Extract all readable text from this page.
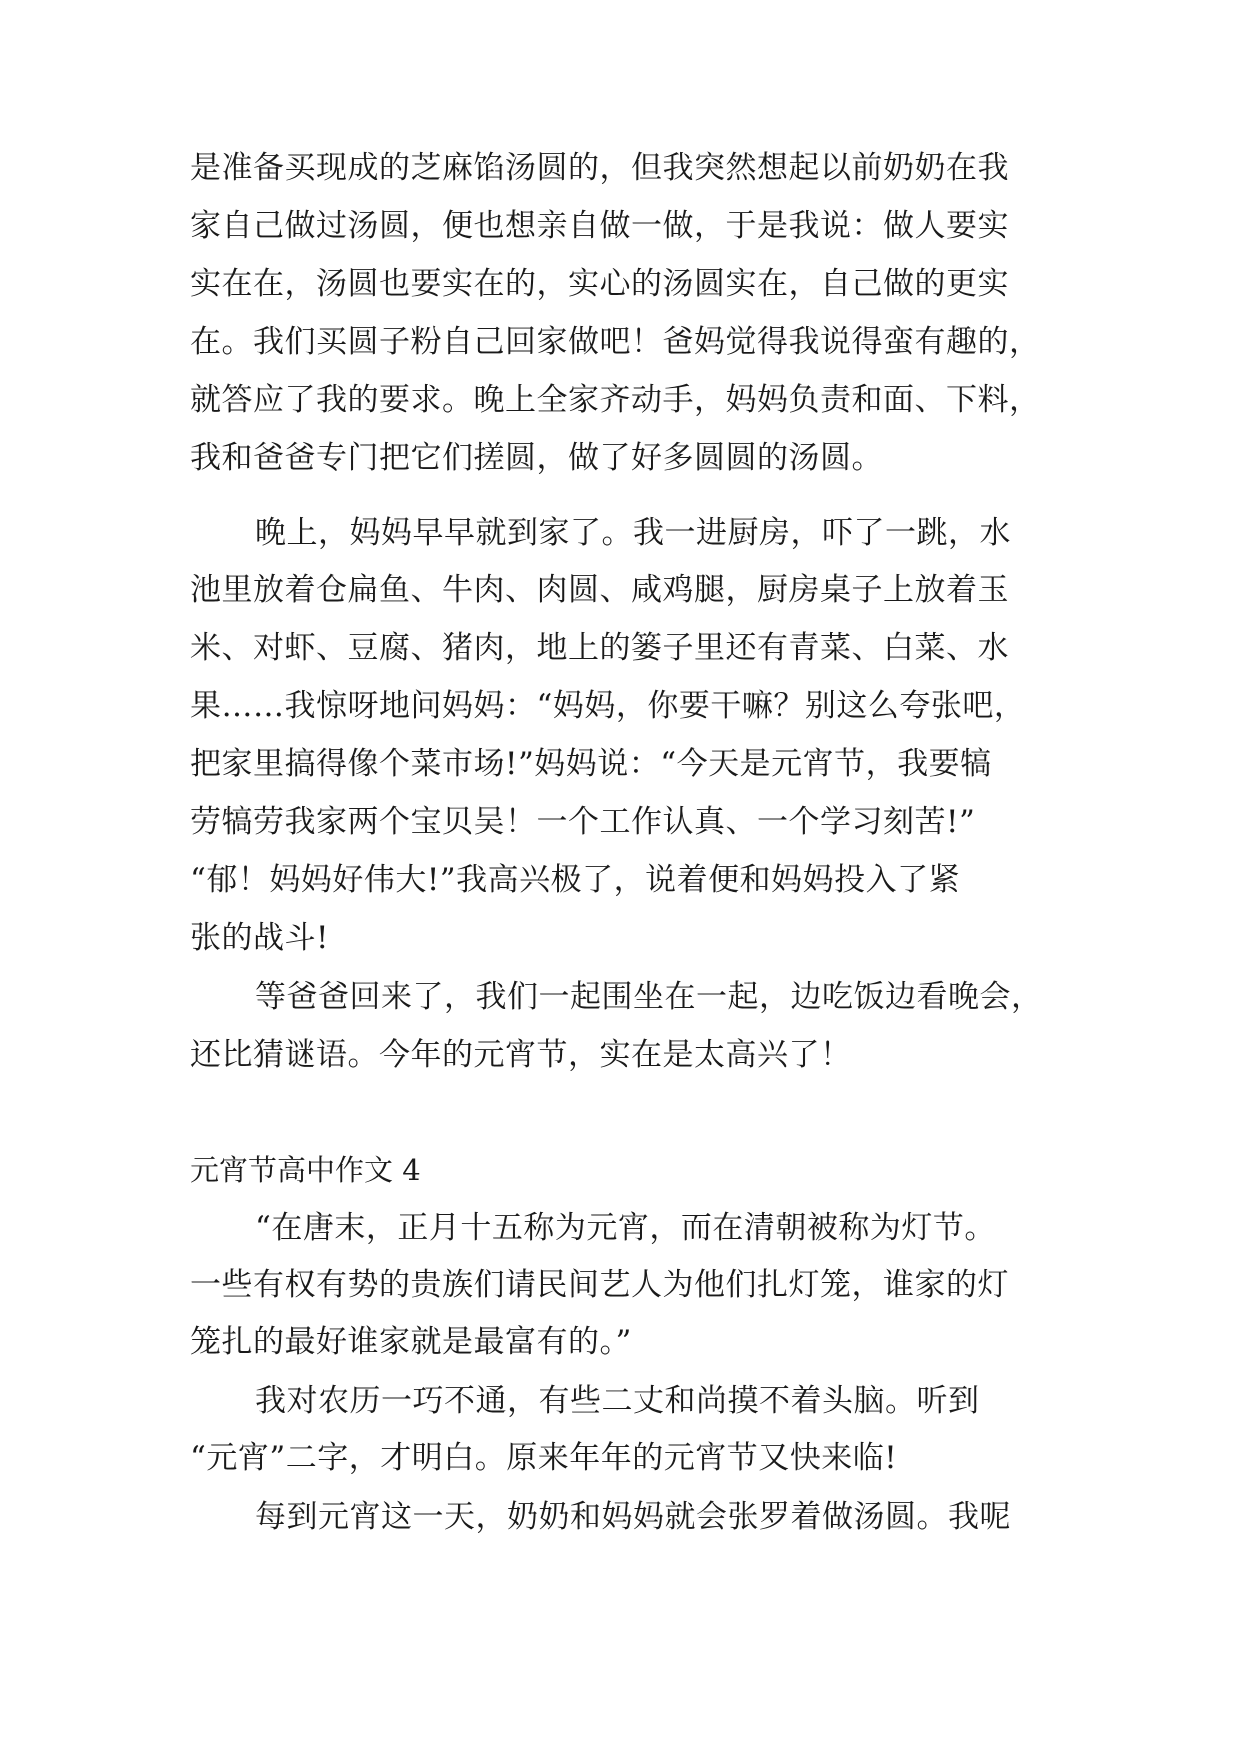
是准备买现成的芝麻馅汤圆的，但我突然想起以前奶奶在我
家自己做过汤圆，便也想亲自做一做，于是我说：做人要实
实在在，汤圆也要实在的，实心的汤圆实在，自己做的更实
在。我们买圆子粉自己回家做吧！爸妈觉得我说得蛮有趣的，
就答应了我的要求。晚上全家齐动手，妈妈负责和面、下料，
我和爸爸专门把它们搓圆，做了好多圆圆的汤圆。
晚上，妈妈早早就到家了。我一进厨房，吓了一跳，水
池里放着仓扁鱼、牛肉、肉圆、咸鸡腿，厨房桌子上放着玉
米、对虾、豆腐、猪肉，地上的篓子里还有青菜、白菜、水
果……我惊呀地问妈妈：“妈妈，你要干嘛？别这么夸张吧，
把家里搞得像个菜市场!”妈妈说：“今天是元宵节，我要犒
劳犒劳我家两个宝贝吴！一个工作认真、一个学习刻苦!”
“郁！妈妈好伟大!”我高兴极了，说着便和妈妈投入了紧
张的战斗!
等爸爸回来了，我们一起围坐在一起，边吃饭边看晚会，
还比猜谜语。今年的元宵节，实在是太高兴了！
元宵节高中作文 4
“在唐末，正月十五称为元宵，而在清朝被称为灯节。
一些有权有势的贵族们请民间艺人为他们扎灯笼，谁家的灯
笼扎的最好谁家就是最富有的。”
我对农历一巧不通，有些二丈和尚摸不着头脑。听到
“元宵”二字，才明白。原来年年的元宵节又快来临!
每到元宵这一天，奶奶和妈妈就会张罗着做汤圆。我呢
